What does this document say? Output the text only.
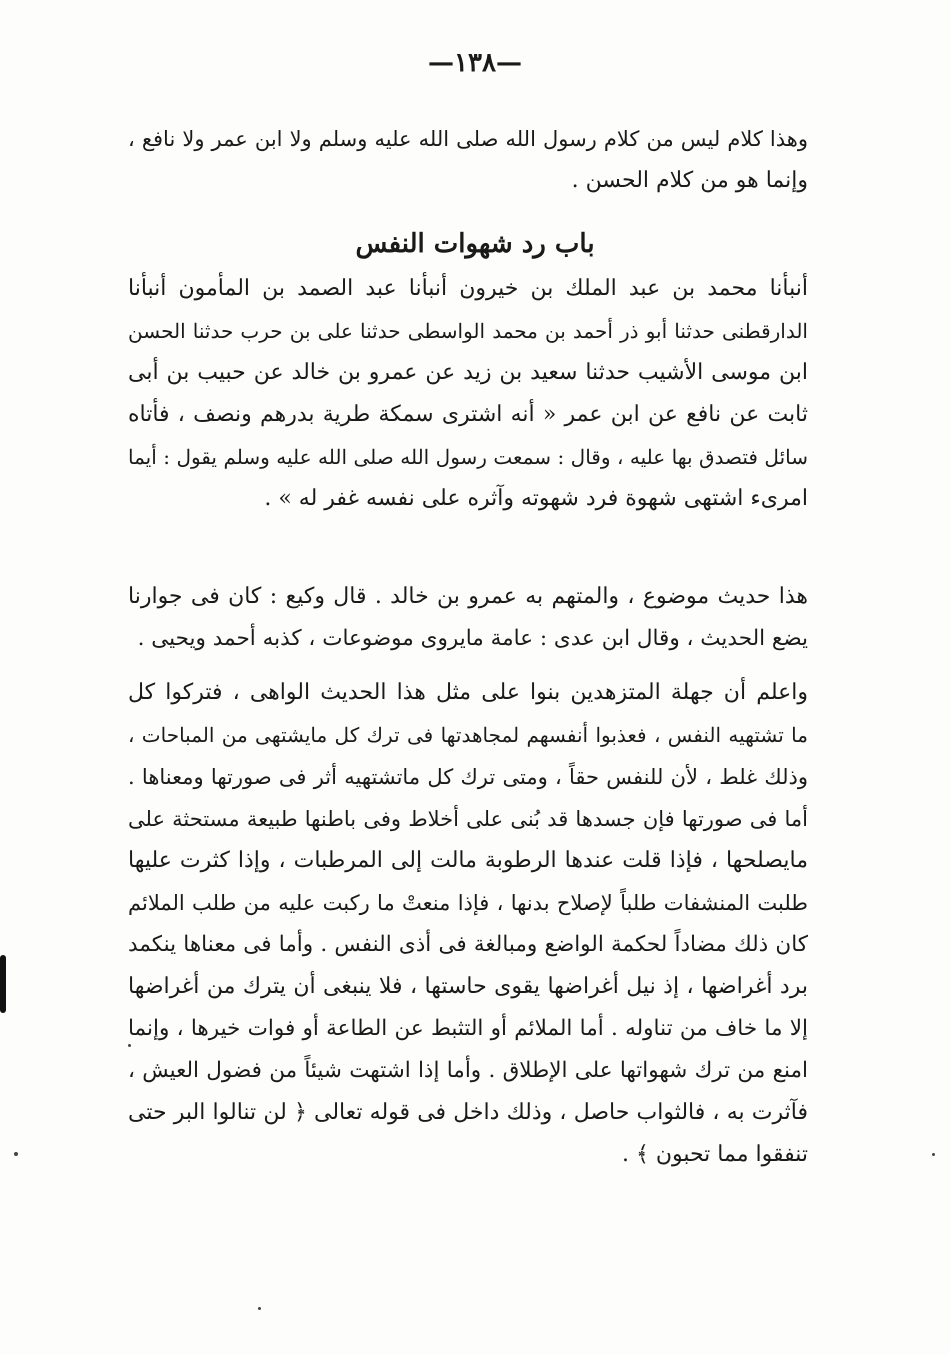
—١٣٨—
وهذا كلام ليس من كلام رسول الله صلى الله عليه وسلم ولا ابن عمر ولا نافع ،
وإنما هو من كلام الحسن .
باب رد شهوات النفس
أنبأنا محمد بن عبد الملك بن خيرون أنبأنا عبد الصمد بن المأمون أنبأنا
الدارقطنى حدثنا أبو ذر أحمد بن محمد الواسطى حدثنا على بن حرب حدثنا الحسن
ابن موسى الأشيب حدثنا سعيد بن زيد عن عمرو بن خالد عن حبيب بن أبى
ثابت عن نافع عن ابن عمر « أنه اشترى سمكة طرية بدرهم ونصف ، فأتاه
سائل فتصدق بها عليه ، وقال : سمعت رسول الله صلى الله عليه وسلم يقول : أيما
امرىء اشتهى شهوة فرد شهوته وآثره على نفسه غفر له » .
هذا حديث موضوع ، والمتهم به عمرو بن خالد . قال وكيع : كان فى جوارنا
يضع الحديث ، وقال ابن عدى : عامة مايروى موضوعات ، كذبه أحمد ويحيى .
واعلم أن جهلة المتزهدين بنوا على مثل هذا الحديث الواهى ، فتركوا كل
ما تشتهيه النفس ، فعذبوا أنفسهم لمجاهدتها فى ترك كل مايشتهى من المباحات ،
وذلك غلط ، لأن للنفس حقاً ، ومتى ترك كل ماتشتهيه أثر فى صورتها ومعناها .
أما فى صورتها فإن جسدها قد بُنى على أخلاط وفى باطنها طبيعة مستحثة على
مايصلحها ، فإذا قلت عندها الرطوبة مالت إلى المرطبات ، وإذا كثرت عليها
طلبت المنشفات طلباً لإصلاح بدنها ، فإذا منعتْ ما ركبت عليه من طلب الملائم
كان ذلك مضاداً لحكمة الواضع ومبالغة فى أذى النفس . وأما فى معناها ينكمد
برد أغراضها ، إذ نيل أغراضها يقوى حاستها ، فلا ينبغى أن يترك من أغراضها
إلا ما خاف من تناوله . أما الملائم أو التثبط عن الطاعة أو فوات خيرها ، وإنما
امنع من ترك شهواتها على الإطلاق . وأما إذا اشتهت شيئاً من فضول العيش ،
فآثرت به ، فالثواب حاصل ، وذلك داخل فى قوله تعالى ﴿ لن تنالوا البر حتى
تنفقوا مما تحبون ﴾ .
